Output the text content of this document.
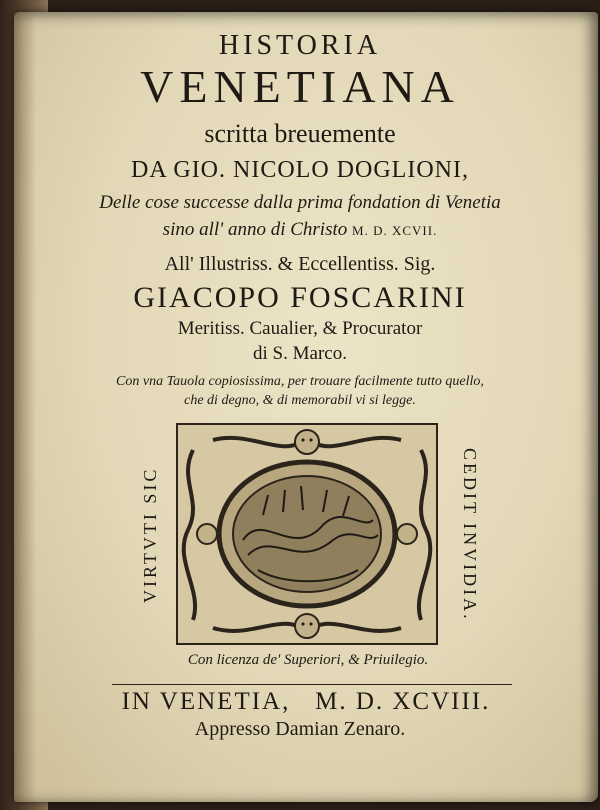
HISTORIA

VENETIANA

scritta breuemente

DA GIO. NICOLO DOGLIONI,

Delle cose successe dalla prima fondation di Venetia

sino all' anno di Christo M. D. XCVII.

All' Illustriss. & Eccellentiss. Sig.

GIACOPO FOSCARINI

Meritiss. Caualier, & Procurator

di S. Marco.

Con vna Tauola copiosissima, per trouare facilmente tutto quello,

che di degno, & di memorabil vi si legge.

VIRTVTI SIC	CEDIT INVIDIA.

Con licenza de' Superiori, & Priuilegio.

IN VENETIA,   M. D. XCVIII.

Appresso Damian Zenaro.
